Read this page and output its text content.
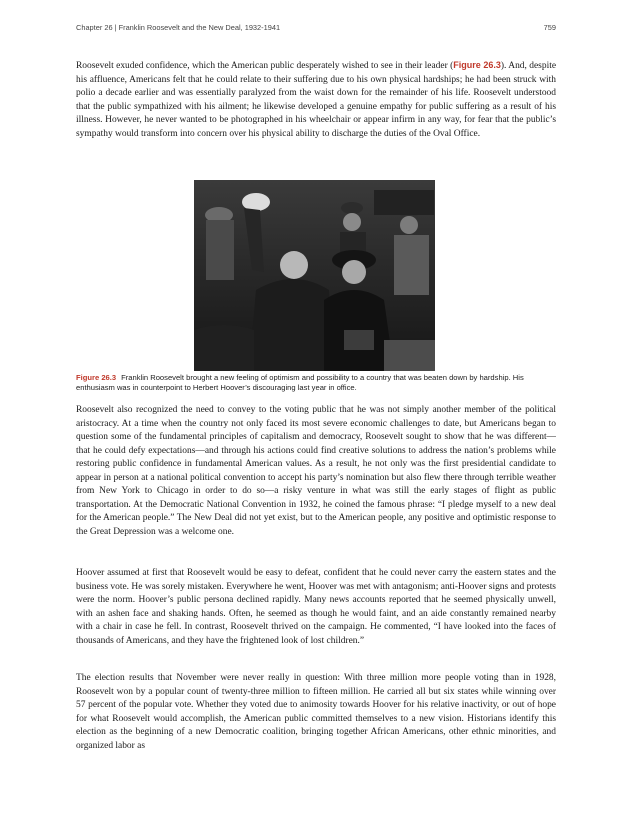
Chapter 26 | Franklin Roosevelt and the New Deal, 1932-1941	759

Roosevelt exuded confidence, which the American public desperately wished to see in their leader (Figure 26.3). And, despite his affluence, Americans felt that he could relate to their suffering due to his own physical hardships; he had been struck with polio a decade earlier and was essentially paralyzed from the waist down for the remainder of his life. Roosevelt understood that the public sympathized with his ailment; he likewise developed a genuine empathy for public suffering as a result of his illness. However, he never wanted to be photographed in his wheelchair or appear infirm in any way, for fear that the public’s sympathy would transform into concern over his physical ability to discharge the duties of the Oval Office.

Figure 26.3 Franklin Roosevelt brought a new feeling of optimism and possibility to a country that was beaten down by hardship. His enthusiasm was in counterpoint to Herbert Hoover’s discouraging last year in office.

Roosevelt also recognized the need to convey to the voting public that he was not simply another member of the political aristocracy. At a time when the country not only faced its most severe economic challenges to date, but Americans began to question some of the fundamental principles of capitalism and democracy, Roosevelt sought to show that he was different—that he could defy expectations—and through his actions could find creative solutions to address the nation’s problems while restoring public confidence in fundamental American values. As a result, he not only was the first presidential candidate to appear in person at a national political convention to accept his party’s nomination but also flew there through terrible weather from New York to Chicago in order to do so—a risky venture in what was still the early stages of flight as public transportation. At the Democratic National Convention in 1932, he coined the famous phrase: “I pledge myself to a new deal for the American people.” The New Deal did not yet exist, but to the American people, any positive and optimistic response to the Great Depression was a welcome one.

Hoover assumed at first that Roosevelt would be easy to defeat, confident that he could never carry the eastern states and the business vote. He was sorely mistaken. Everywhere he went, Hoover was met with antagonism; anti-Hoover signs and protests were the norm. Hoover’s public persona declined rapidly. Many news accounts reported that he seemed physically unwell, with an ashen face and shaking hands. Often, he seemed as though he would faint, and an aide constantly remained nearby with a chair in case he fell. In contrast, Roosevelt thrived on the campaign. He commented, “I have looked into the faces of thousands of Americans, and they have the frightened look of lost children.”

The election results that November were never really in question: With three million more people voting than in 1928, Roosevelt won by a popular count of twenty-three million to fifteen million. He carried all but six states while winning over 57 percent of the popular vote. Whether they voted due to animosity towards Hoover for his relative inactivity, or out of hope for what Roosevelt would accomplish, the American public committed themselves to a new vision. Historians identify this election as the beginning of a new Democratic coalition, bringing together African Americans, other ethnic minorities, and organized labor as
